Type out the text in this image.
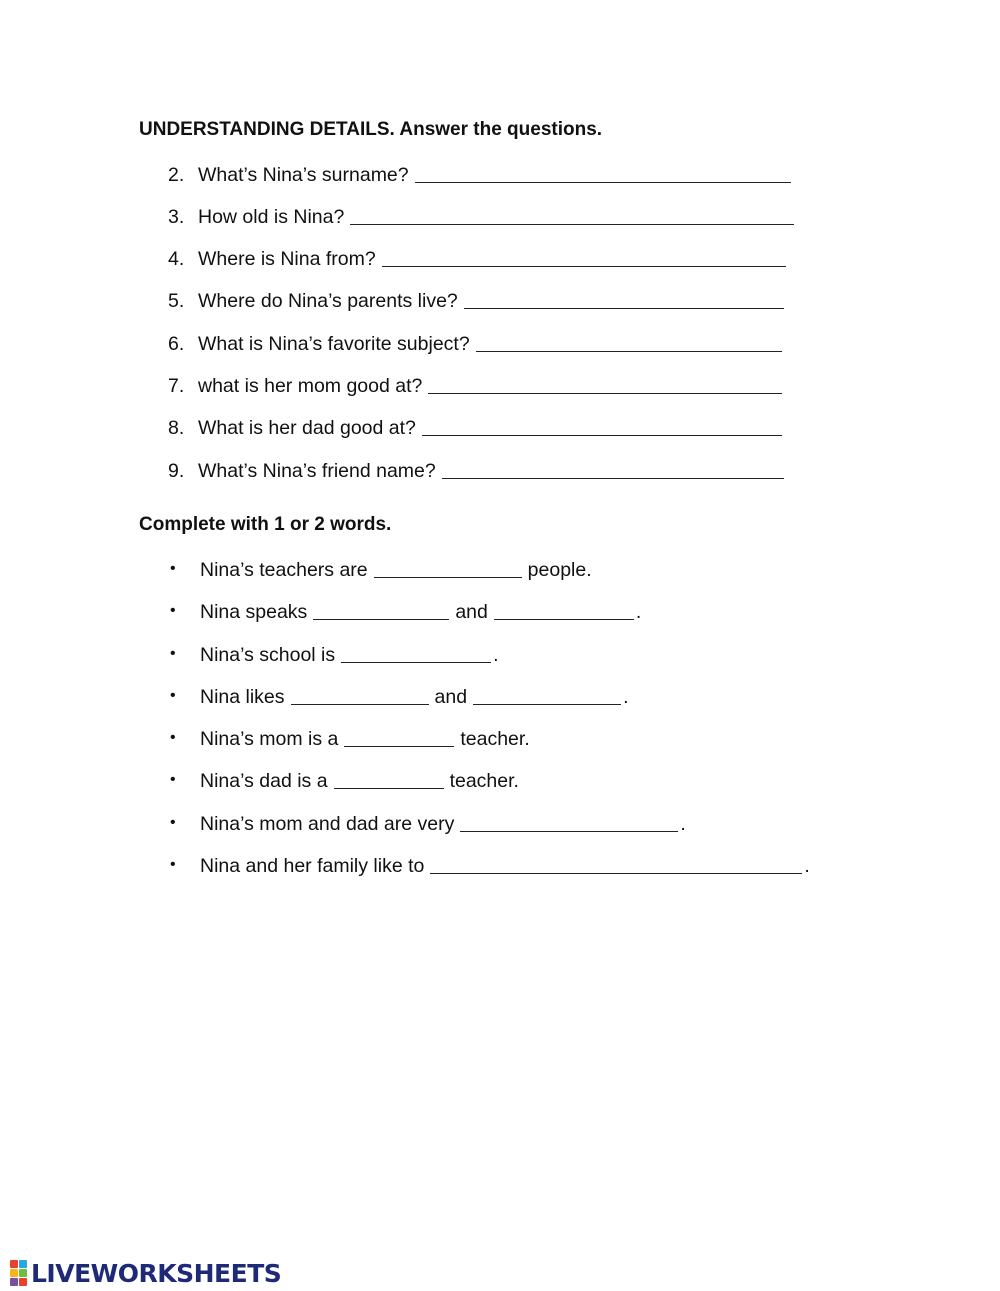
UNDERSTANDING DETAILS. Answer the questions.
2. What’s Nina’s surname?
3. How old is Nina?
4. Where is Nina from?
5. Where do Nina’s parents live?
6. What is Nina’s favorite subject?
7. what is her mom good at?
8. What is her dad good at?
9. What’s Nina’s friend name?
Complete with 1 or 2 words.
•	Nina’s teachers are	people.
•	Nina speaks	and	.
•	Nina’s school is	.
•	Nina likes	and	.
•	Nina’s mom is a	teacher.
•	Nina’s dad is a	teacher.
•	Nina’s mom and dad are very	.
•	Nina and her family like to	.
LIVEWORKSHEETS
